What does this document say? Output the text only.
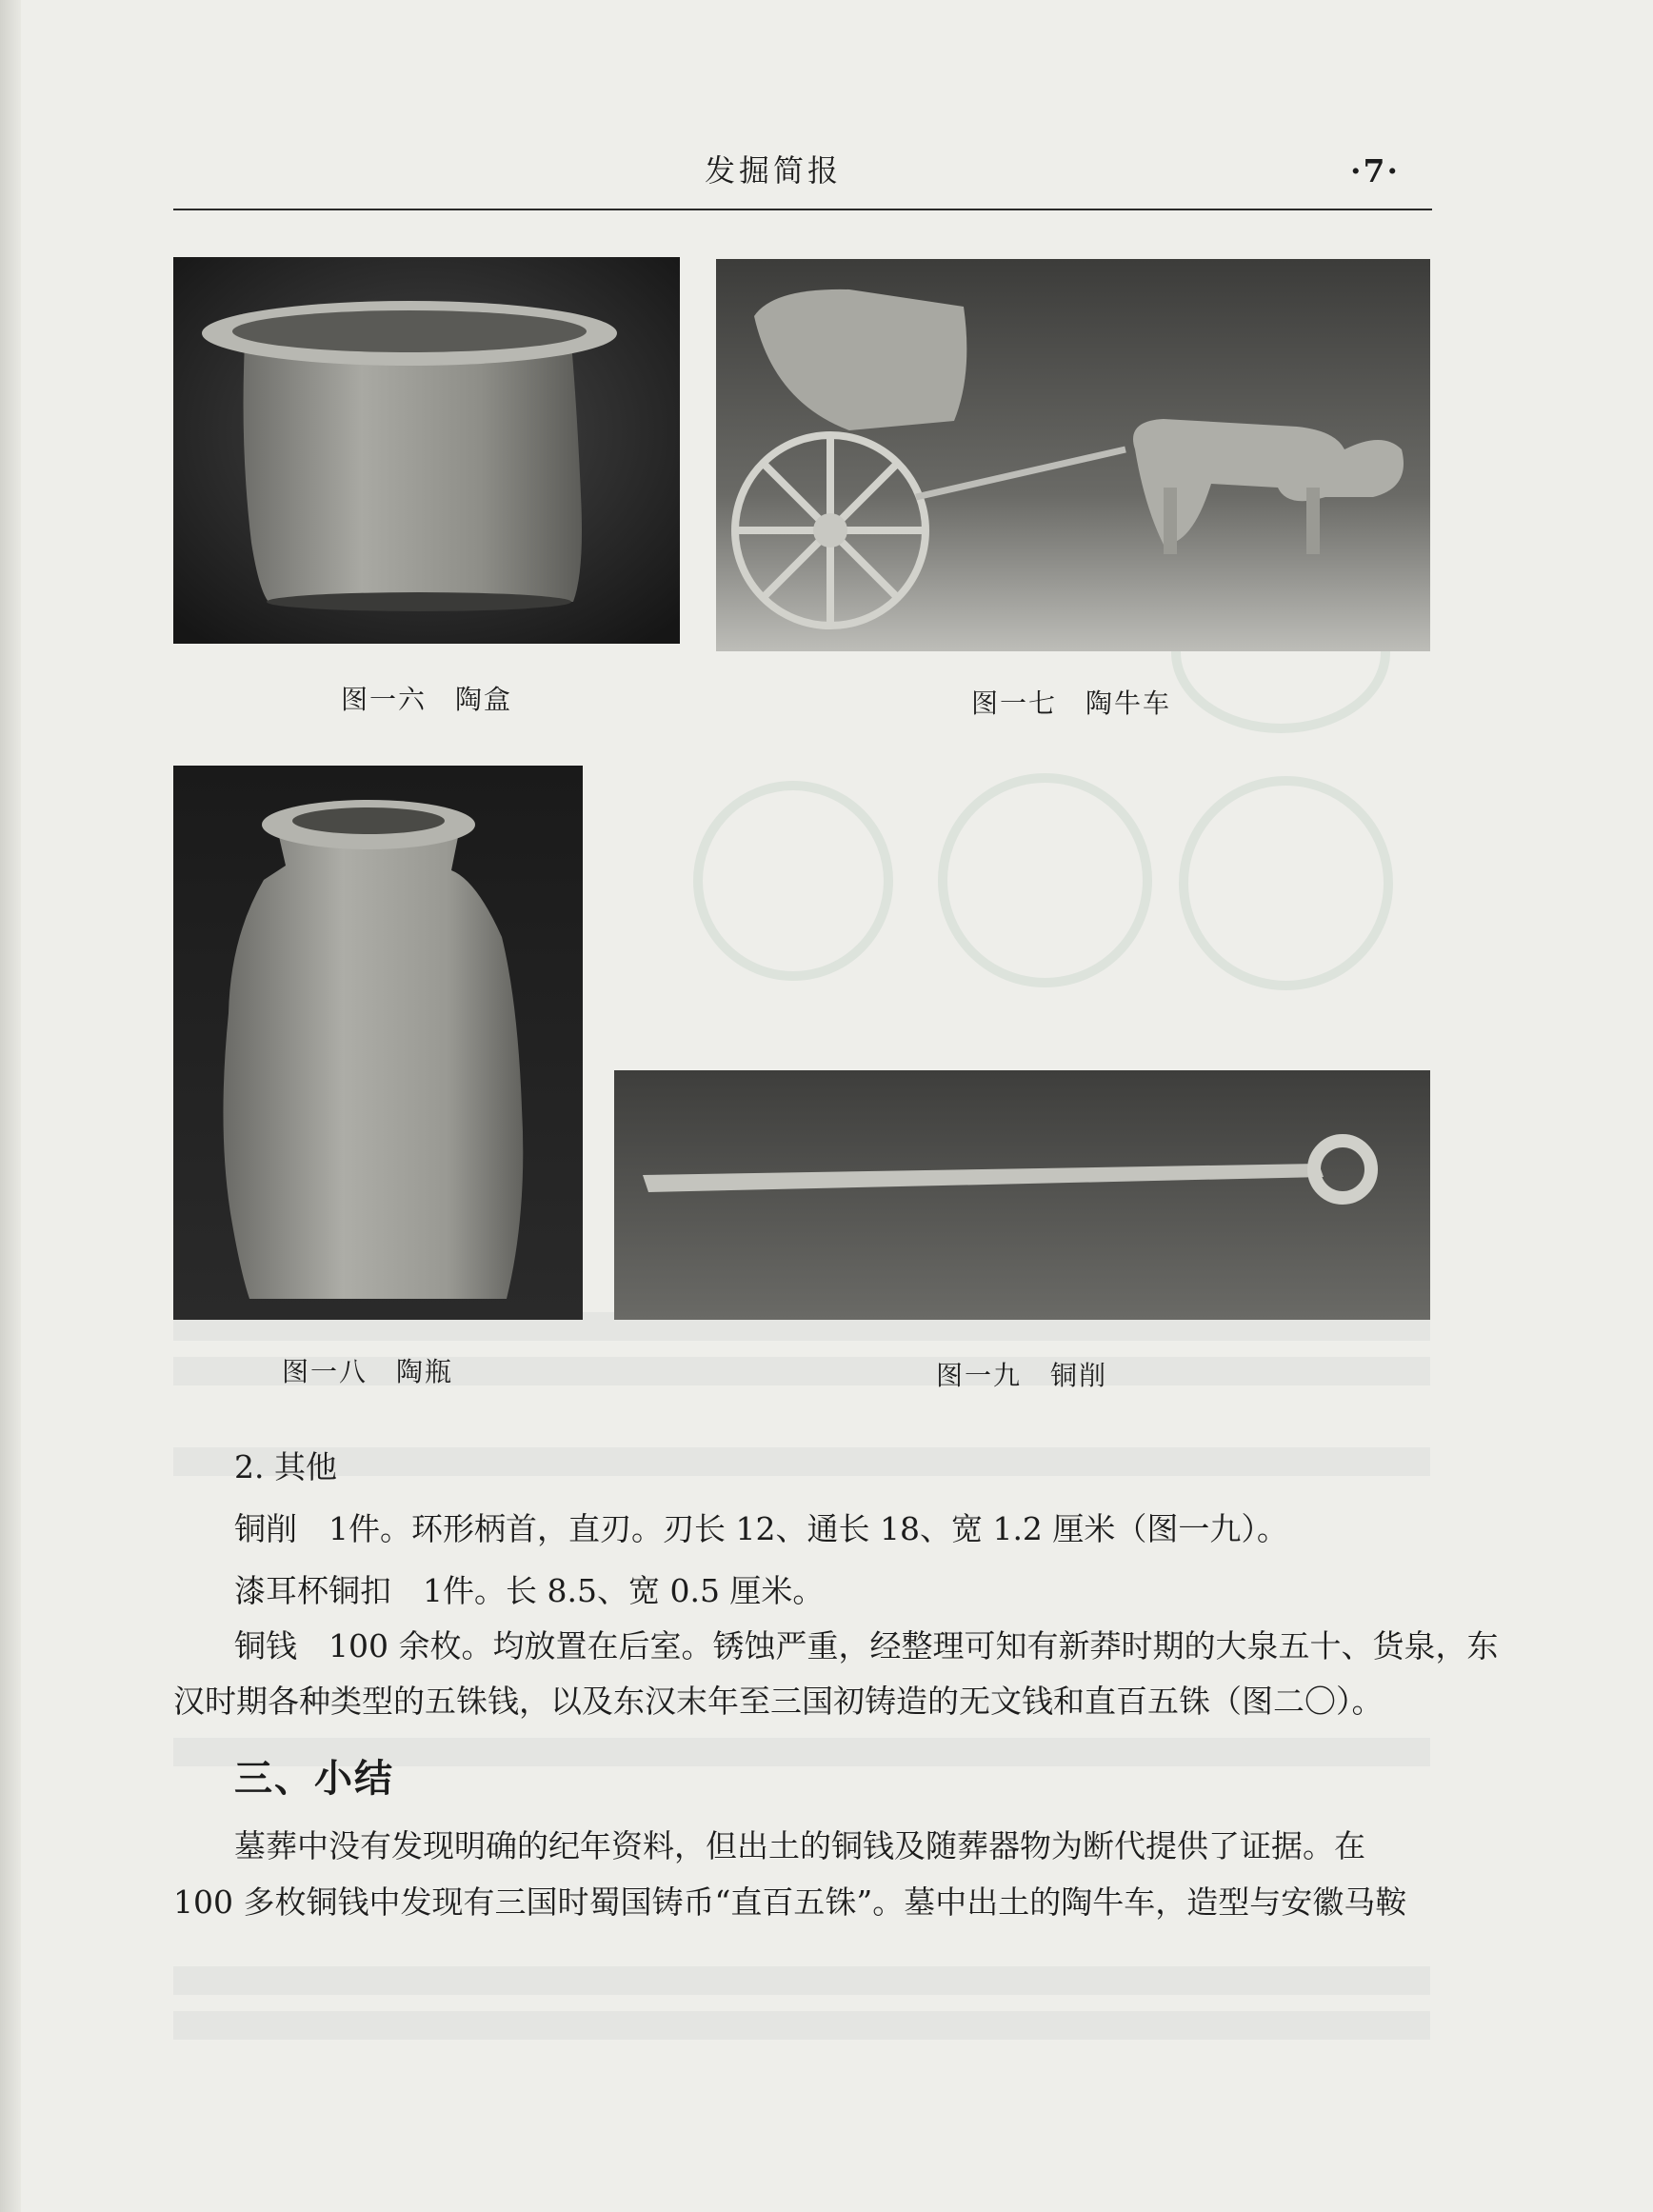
发掘简报	·7·
图一六　陶盒	图一七　陶牛车
图一八　陶瓶	图一九　铜削
2. 其他
铜削　1件。环形柄首，直刃。刃长 12、通长 18、宽 1.2 厘米（图一九）。
漆耳杯铜扣　1件。长 8.5、宽 0.5 厘米。
铜钱　100 余枚。均放置在后室。锈蚀严重，经整理可知有新莽时期的大泉五十、货泉，东
汉时期各种类型的五铢钱，以及东汉末年至三国初铸造的无文钱和直百五铢（图二〇）。
三、小结
墓葬中没有发现明确的纪年资料，但出土的铜钱及随葬器物为断代提供了证据。在
100 多枚铜钱中发现有三国时蜀国铸币“直百五铢”。墓中出土的陶牛车，造型与安徽马鞍
